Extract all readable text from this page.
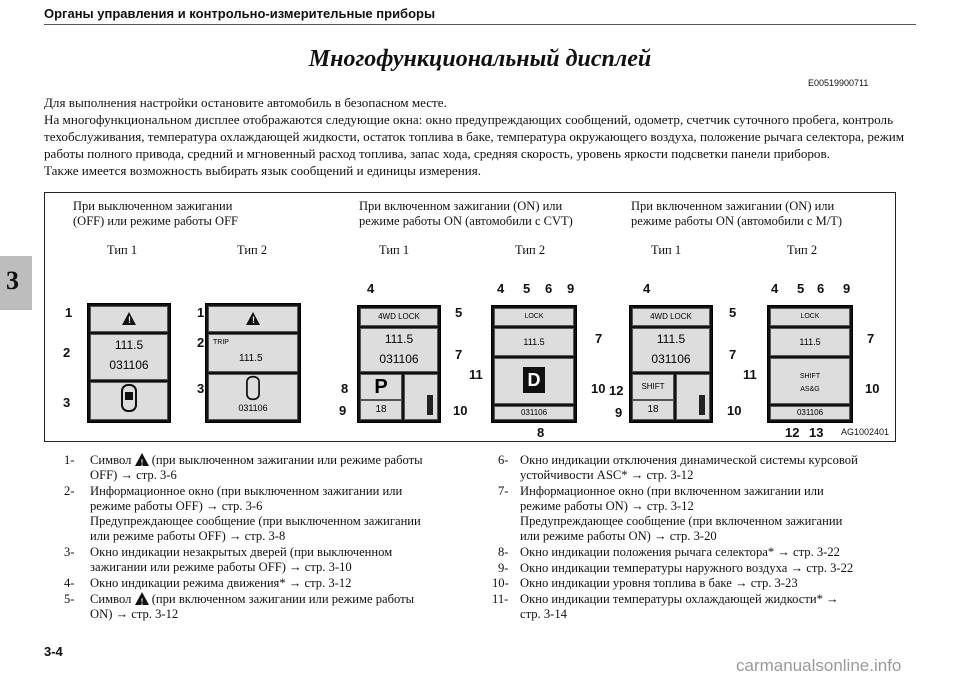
Органы управления и контрольно-измерительные приборы
Многофункциональный дисплей
E00519900711
3

Для выполнения настройки остановите автомобиль в безопасном месте.

На многофункциональном дисплее отображаются следующие окна: окно предупреждающих сообщений, одометр, счетчик суточного пробега, контроль техобслуживания, температура охлаждающей жидкости, остаток топлива в баке, температура окружающего воздуха, положение рычага селектора, режим работы полного привода, средний и мгновенный расход топлива, запас хода, средняя скорость, уровень яркости подсветки панели приборов.

Также имеется возможность выбирать язык сообщений и единицы измерения.

При выключенном зажигании
(OFF) или режиме работы OFF
При включенном зажигании (ON) или
режиме работы ON (автомобили с CVT)
При включенном зажигании (ON) или
режиме работы ON (автомобили с M/T)
Тип 1	Тип 2	Тип 1	Тип 2	Тип 1	Тип 2
!
111.5
031106
!
TRIP
111.5
031106
4WD LOCK
111.5
031106
P
18
LOCK
111.5
D
031106
4WD LOCK
111.5
031106
SHIFT
18
LOCK
111.5
SHIFT
AS&G
031106
1
2
3
1
2
3
4
5
7
8
9	10
4 5 6 9
7
11
10
8
4
5
7
12
9	10
4 5 6 9
7
11
10
12 13 AG1002401
1- Символ ! (при выключенном зажигании или режиме работы
OFF) → стр. 3-6
2- Информационное окно (при выключенном зажигании или
режиме работы OFF) → стр. 3-6
Предупреждающее сообщение (при выключенном зажигании
или режиме работы OFF) → стр. 3-8
3- Окно индикации незакрытых дверей (при выключенном
зажигании или режиме работы OFF) → стр. 3-10
4- Окно индикации режима движения* → стр. 3-12
5- Символ ! (при включенном зажигании или режиме работы
ON) → стр. 3-12
6- Окно индикации отключения динамической системы курсовой
устойчивости ASC* → стр. 3-12
7- Информационное окно (при включенном зажигании или
режиме работы ON) → стр. 3-12
Предупреждающее сообщение (при включенном зажигании
или режиме работы ON) → стр. 3-20
8- Окно индикации положения рычага селектора* → стр. 3-22
9- Окно индикации температуры наружного воздуха → стр. 3-22
10- Окно индикации уровня топлива в баке → стр. 3-23
11- Окно индикации температуры охлаждающей жидкости* →
стр. 3-14
3-4
carmanualsonline.info
